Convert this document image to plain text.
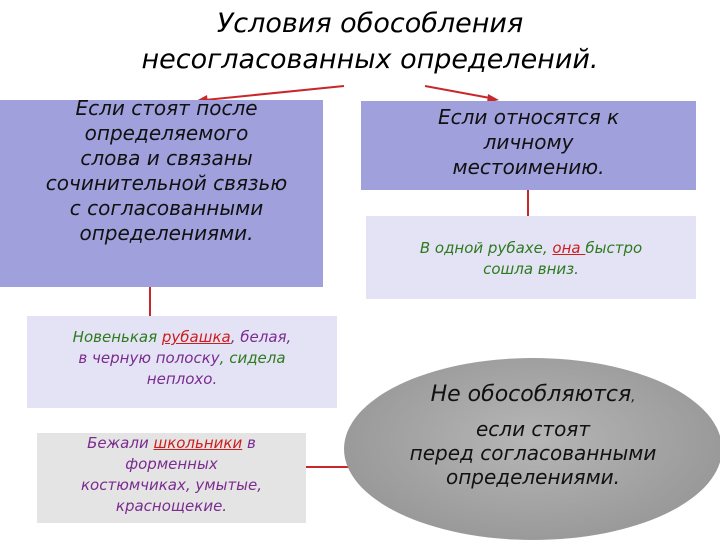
Условия обособления
несогласованных определений.
Если стоят после
определяемого
слова и связаны
сочинительной связью
с согласованными
определениями.
Если относятся к
личному
местоимению.
В одной рубахе, она быстро
сошла вниз.
Новенькая рубашка, белая,
в черную полоску, сидела
неплохо.
Бежали школьники в
форменных
костюмчиках, умытые,
краснощекие.
Не обособляются,
если стоят
перед согласованными
определениями.
